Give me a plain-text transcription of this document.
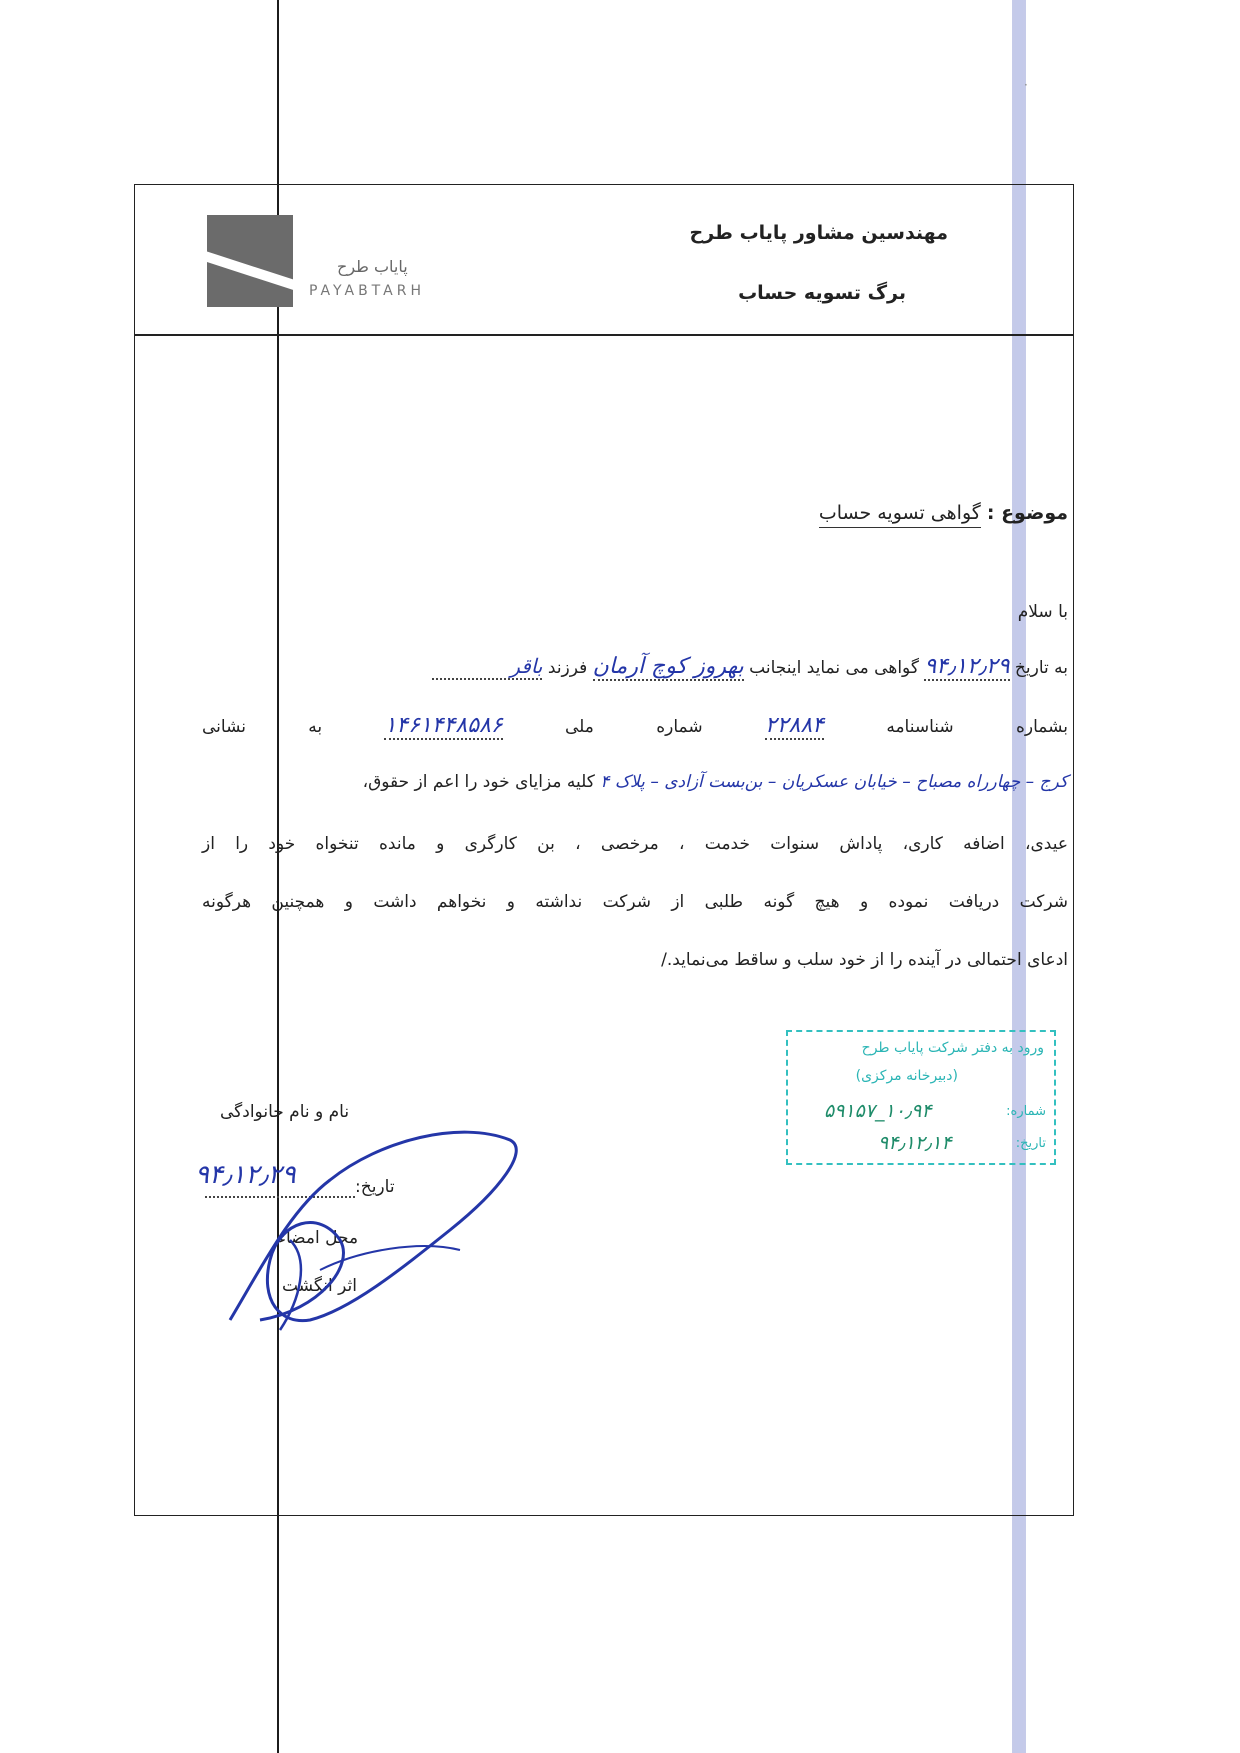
·
پایاب طرح
PAYABTARH
مهندسین مشاور پایاب طرح
برگ تسویه حساب
موضوع : گواهی تسویه حساب
با سلام
به تاریخ ۹۴٫۱۲٫۲۹ گواهی می نماید اینجانب بهروز کوچ آرمان فرزند باقر
بشماره شناسنامه ۲۲۸۸۴ شماره ملی ۱۴۶۱۴۴۸۵۸۶ به نشانی
کرج – چهارراه مصباح – خیابان عسکریان – بن‌بست آزادی – پلاک ۴ کلیه مزایای خود را اعم از حقوق،
عیدی، اضافه کاری، پاداش سنوات خدمت ، مرخصی ، بن کارگری و مانده تنخواه خود را از
شرکت دریافت نموده و هیچ گونه طلبی از شرکت نداشته و نخواهم داشت و همچنین هرگونه
ادعای احتمالی در آینده را از خود سلب و ساقط می‌نماید./
ورود به دفتر شرکت پایاب طرح
(دبیرخانه مرکزی)
شماره:
۱۰٫۹۴_۵۹۱۵۷
تاریخ:
۹۴٫۱۲٫۱۴
نام و نام خانوادگی
تاریخ:
۹۴٫۱۲٫۲۹
محل امضاء
اثر انگشت
